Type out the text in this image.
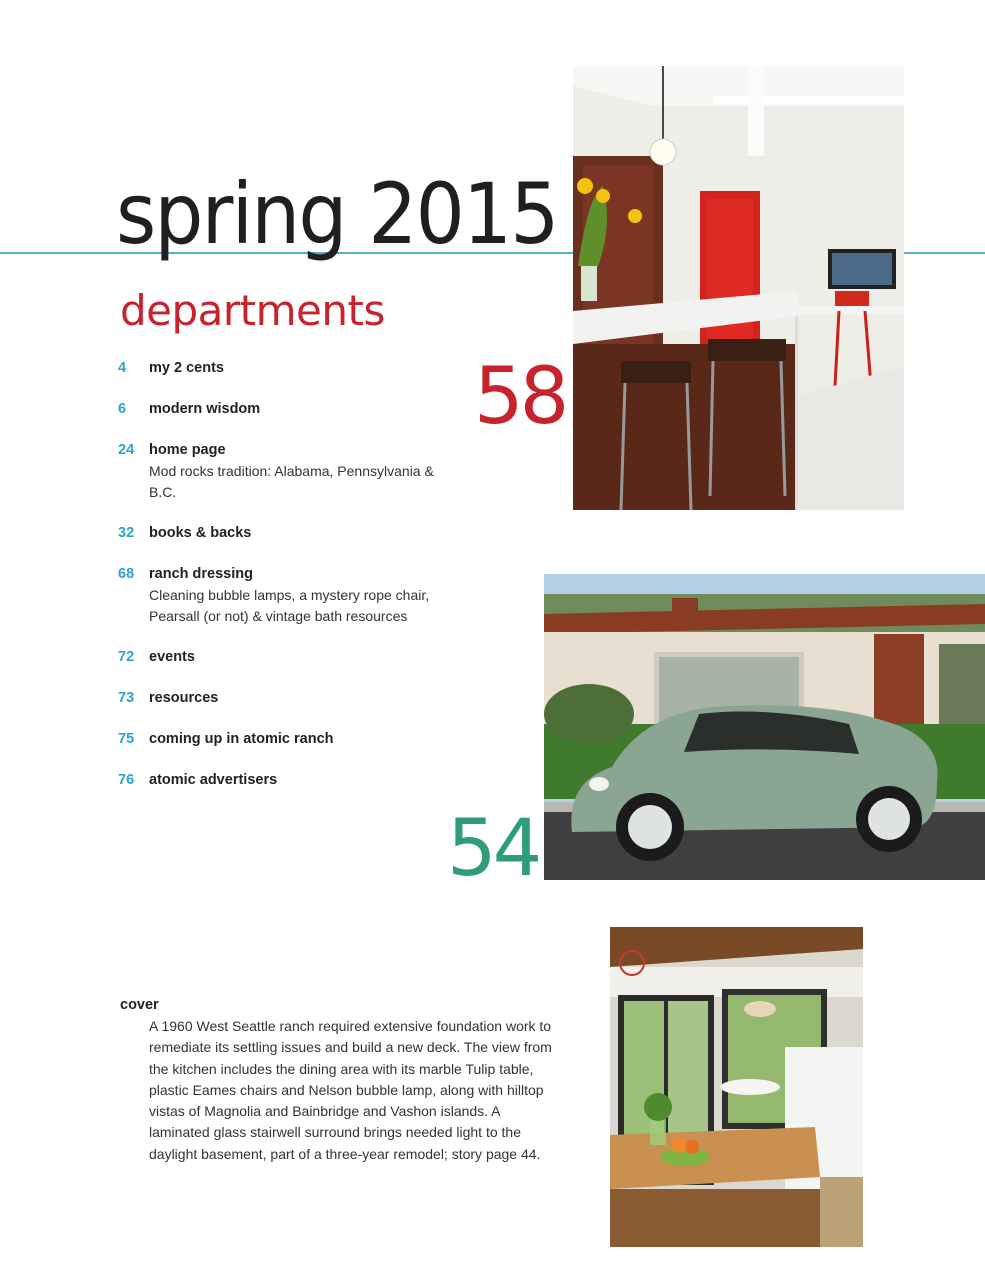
spring 2015
departments
4	my 2 cents
6	modern wisdom
24	home page
Mod rocks tradition: Alabama, Pennsylvania & B.C.
32	books & backs
68	ranch dressing
Cleaning bubble lamps, a mystery rope chair, Pearsall (or not) & vintage bath resources
72	events
73	resources
75	coming up in atomic ranch
76	atomic advertisers
58
54
cover
A 1960 West Seattle ranch required extensive foundation work to remediate its settling issues and build a new deck. The view from the kitchen includes the dining area with its marble Tulip table, plastic Eames chairs and Nelson bubble lamp, along with hilltop vistas of Magnolia and Bainbridge and Vashon islands. A laminated glass stairwell surround brings needed light to the daylight basement, part of a three-year remodel; story page 44.
